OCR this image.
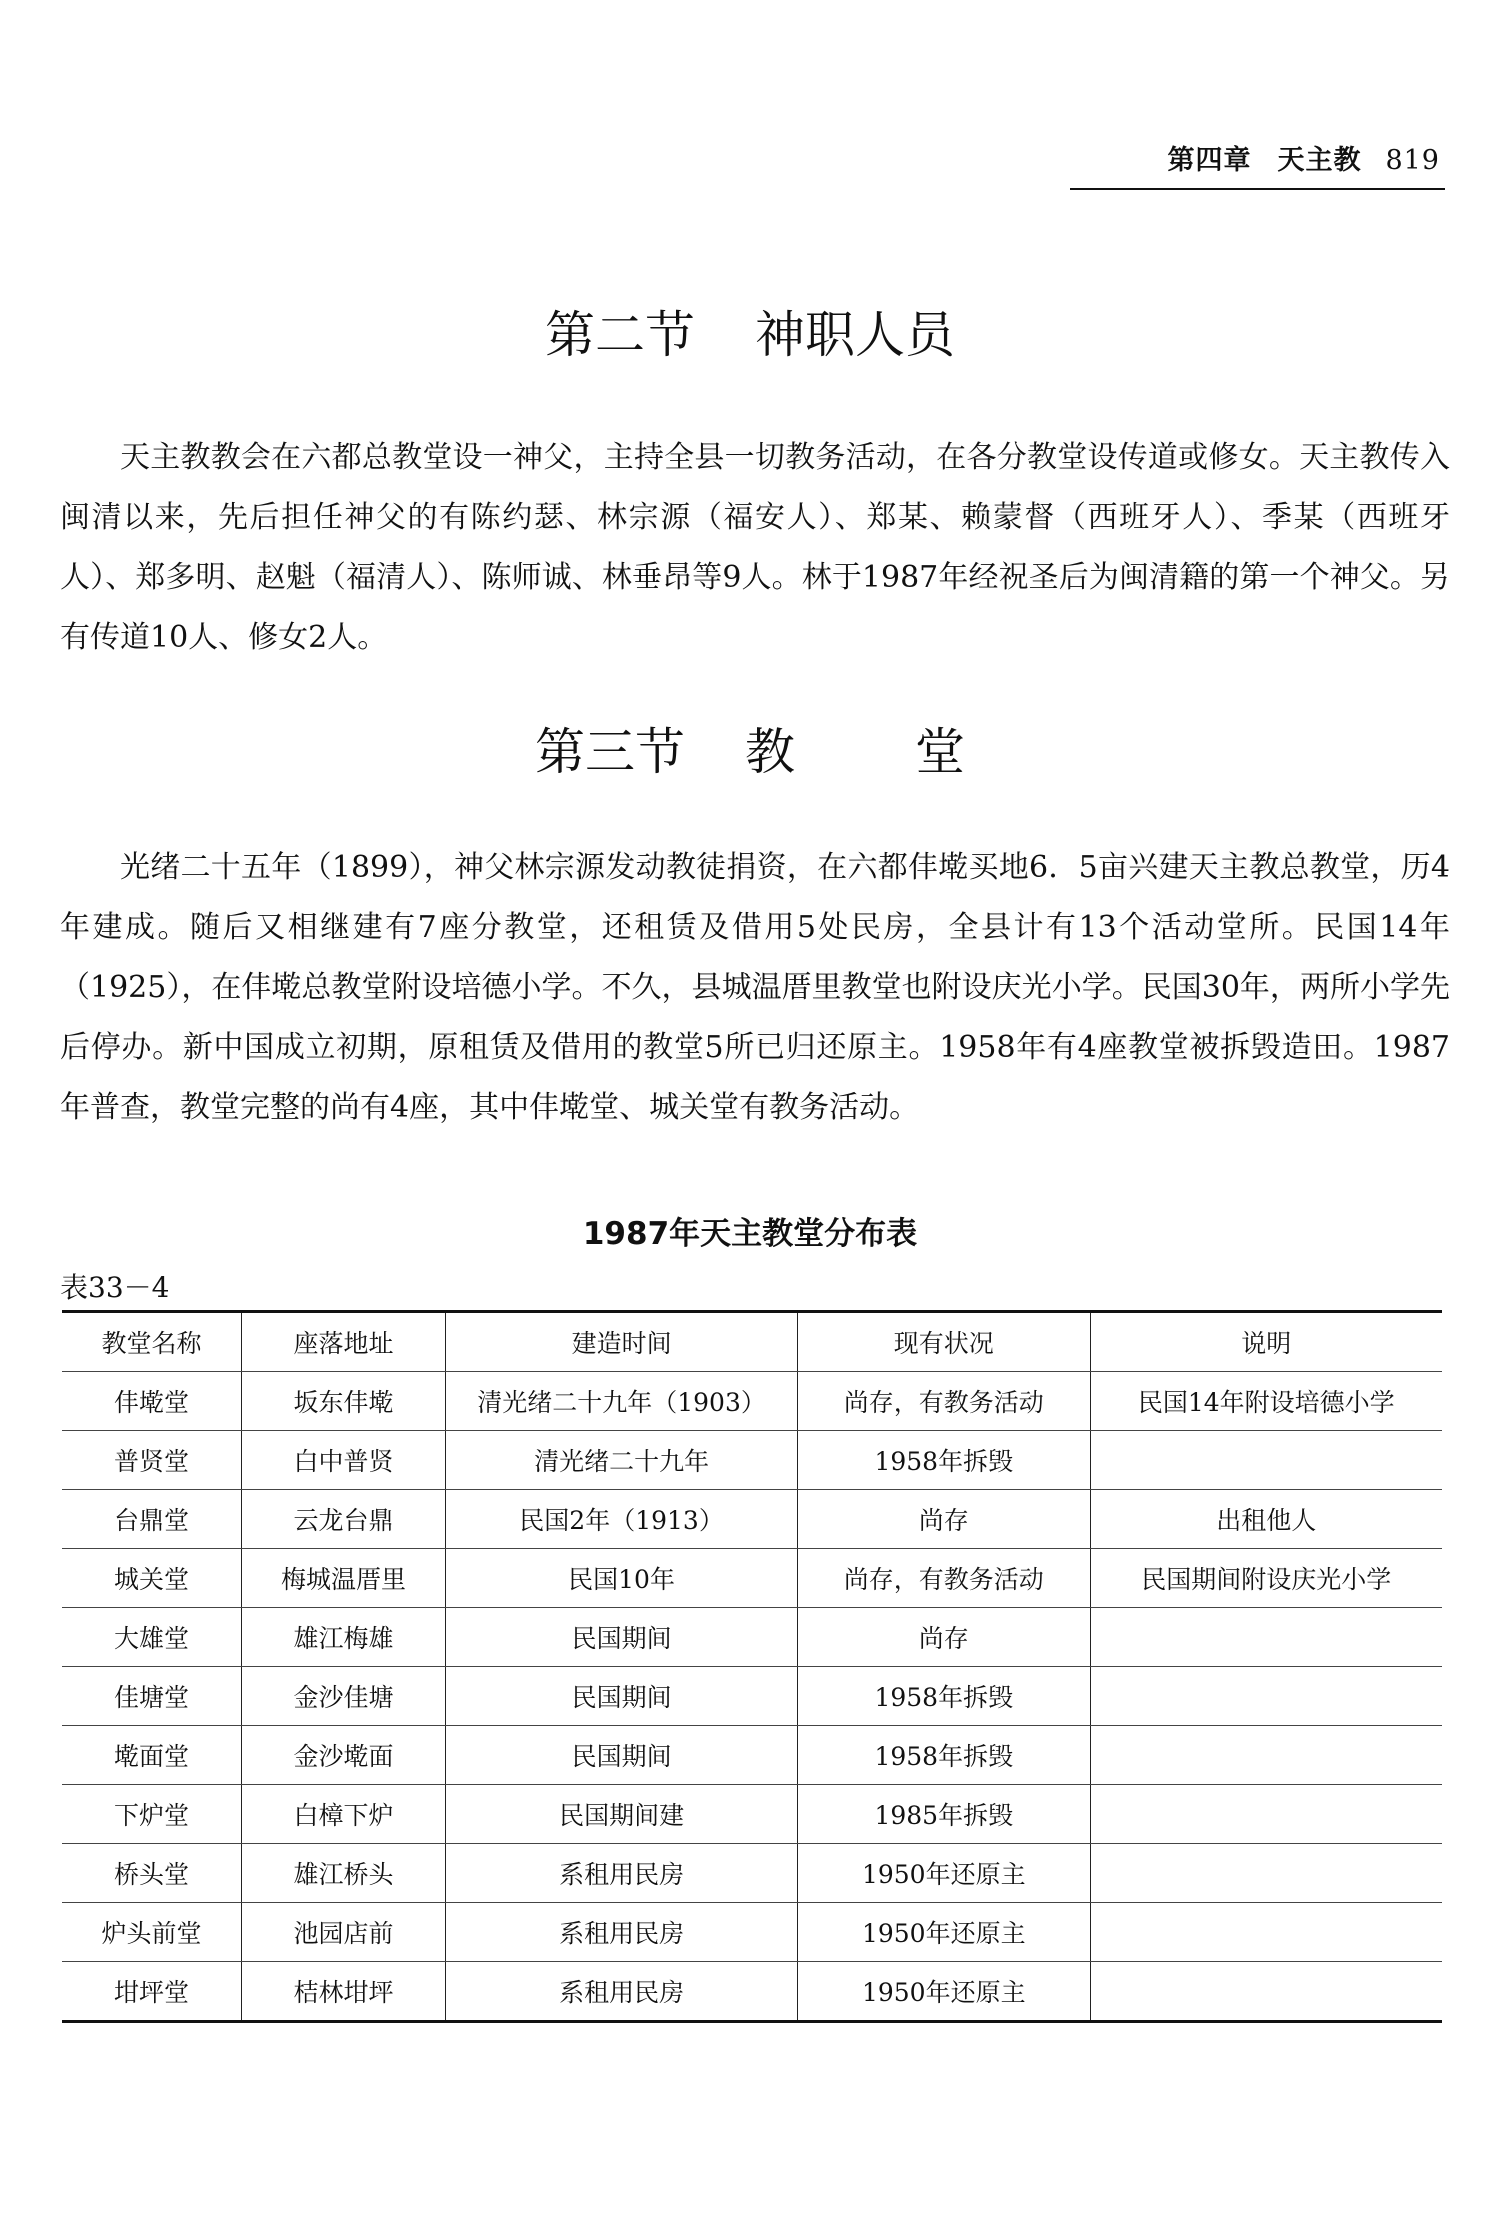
第四章 天主教 819
第二节 神职人员

天主教教会在六都总教堂设一神父，主持全县一切教务活动，在各分教堂设传道或修女。天主教传入闽清以来，先后担任神父的有陈约瑟、林宗源（福安人）、郑某、赖蒙督（西班牙人）、季某（西班牙人）、郑多明、赵魁（福清人）、陈师诚、林垂昂等9人。林于1987年经祝圣后为闽清籍的第一个神父。另有传道10人、修女2人。

第三节 教堂

光绪二十五年（1899），神父林宗源发动教徒捐资，在六都仹墘买地6．5亩兴建天主教总教堂，历4年建成。随后又相继建有7座分教堂，还租赁及借用5处民房，全县计有13个活动堂所。民国14年（1925），在仹墘总教堂附设培德小学。不久，县城温厝里教堂也附设庆光小学。民国30年，两所小学先后停办。新中国成立初期，原租赁及借用的教堂5所已归还原主。1958年有4座教堂被拆毁造田。1987年普查，教堂完整的尚有4座，其中仹墘堂、城关堂有教务活动。

1987年天主教堂分布表
表33－4
教堂名称	座落地址	建造时间	现有状况	说明
仹墘堂	坂东仹墘	清光绪二十九年（1903）	尚存，有教务活动	民国14年附设培德小学
普贤堂	白中普贤	清光绪二十九年	1958年拆毁	
台鼎堂	云龙台鼎	民国2年（1913）	尚存	出租他人
城关堂	梅城温厝里	民国10年	尚存，有教务活动	民国期间附设庆光小学
大雄堂	雄江梅雄	民国期间	尚存	
佳塘堂	金沙佳塘	民国期间	1958年拆毁	
墘面堂	金沙墘面	民国期间	1958年拆毁	
下炉堂	白樟下炉	民国期间建	1985年拆毁	
桥头堂	雄江桥头	系租用民房	1950年还原主	
炉头前堂	池园店前	系租用民房	1950年还原主	
坩坪堂	桔林坩坪	系租用民房	1950年还原主	
